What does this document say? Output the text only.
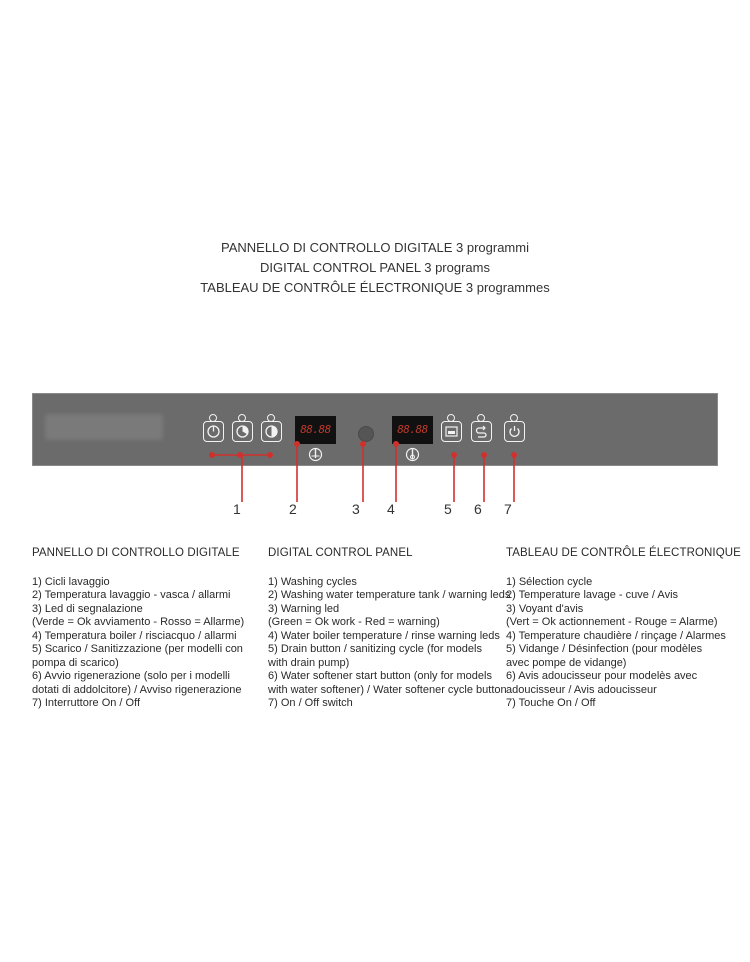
PANNELLO DI CONTROLLO DIGITALE 3 programmi
DIGITAL CONTROL PANEL 3 programs
TABLEAU DE CONTRÔLE ÉLECTRONIQUE 3 programmes
88.88	88.88
1	2	3 4	5 6 7
PANNELLO DI CONTROLLO DIGITALE
1) Cicli lavaggio
2) Temperatura lavaggio - vasca / allarmi
3) Led di segnalazione
(Verde = Ok avviamento - Rosso = Allarme)
4) Temperatura boiler / risciacquo / allarmi
5) Scarico / Sanitizzazione (per modelli con
pompa di scarico)
6) Avvio rigenerazione (solo per i modelli
dotati di addolcitore) / Avviso rigenerazione
7) Interruttore On / Off
DIGITAL CONTROL PANEL
1) Washing cycles
2) Washing water temperature tank / warning leds
3) Warning led
(Green = Ok work - Red = warning)
4) Water boiler temperature / rinse warning leds
5) Drain button / sanitizing cycle (for models
with drain pump)
6) Water softener start button (only for models
with water softener) / Water softener cycle button
7) On / Off switch
TABLEAU DE CONTRÔLE ÉLECTRONIQUE
1) Sélection cycle
2) Temperature lavage - cuve / Avis
3) Voyant d'avis
(Vert = Ok actionnement - Rouge = Alarme)
4) Temperature chaudière / rinçage / Alarmes
5) Vidange / Désinfection (pour modèles
avec pompe de vidange)
6) Avis adoucisseur pour modelès avec
adoucisseur / Avis adoucisseur
7) Touche On / Off
